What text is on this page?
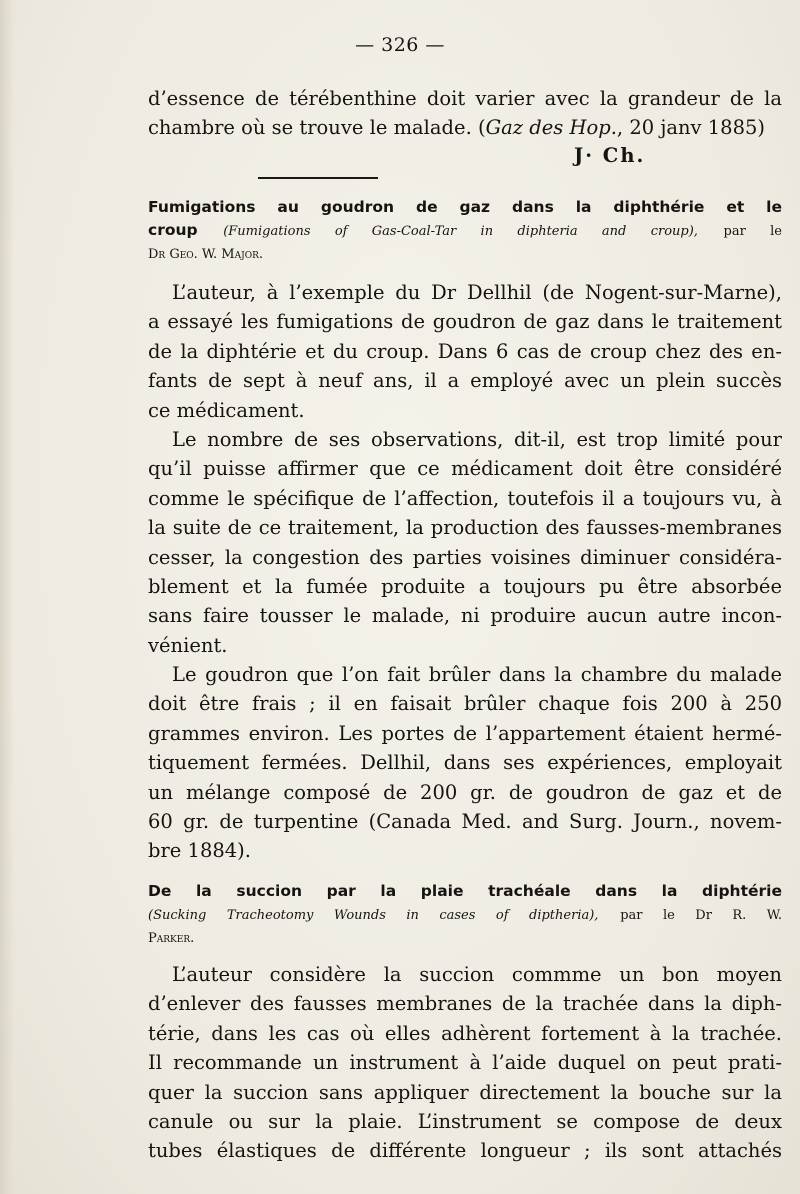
— 326 —
d’essence de térébenthine doit varier avec la grandeur de la
chambre où se trouve le malade. (Gaz des Hop., 20 janv 1885)
J· Ch.
Fumigations au goudron de gaz dans la diphthérie et le
croup (Fumigations of Gas-Coal-Tar in diphteria and croup), par le
Dr Geo. W. Major.
L’auteur, à l’exemple du Dr Dellhil (de Nogent-sur-Marne),
a essayé les fumigations de goudron de gaz dans le traitement
de la diphtérie et du croup. Dans 6 cas de croup chez des en-
fants de sept à neuf ans, il a employé avec un plein succès
ce médicament.
Le nombre de ses observations, dit-il, est trop limité pour
qu’il puisse affirmer que ce médicament doit être considéré
comme le spécifique de l’affection, toutefois il a toujours vu, à
la suite de ce traitement, la production des fausses-membranes
cesser, la congestion des parties voisines diminuer considéra-
blement et la fumée produite a toujours pu être absorbée
sans faire tousser le malade, ni produire aucun autre incon-
vénient.
Le goudron que l’on fait brûler dans la chambre du malade
doit être frais ; il en faisait brûler chaque fois 200 à 250
grammes environ. Les portes de l’appartement étaient hermé-
tiquement fermées. Dellhil, dans ses expériences, employait
un mélange composé de 200 gr. de goudron de gaz et de
60 gr. de turpentine (Canada Med. and Surg. Journ., novem-
bre 1884).
De la succion par la plaie trachéale dans la diphtérie
(Sucking Tracheotomy Wounds in cases of diptheria), par le Dr R. W.
Parker.
L’auteur considère la succion commme un bon moyen
d’enlever des fausses membranes de la trachée dans la diph-
térie, dans les cas où elles adhèrent fortement à la trachée.
Il recommande un instrument à l’aide duquel on peut prati-
quer la succion sans appliquer directement la bouche sur la
canule ou sur la plaie. L’instrument se compose de deux
tubes élastiques de différente longueur ; ils sont attachés
